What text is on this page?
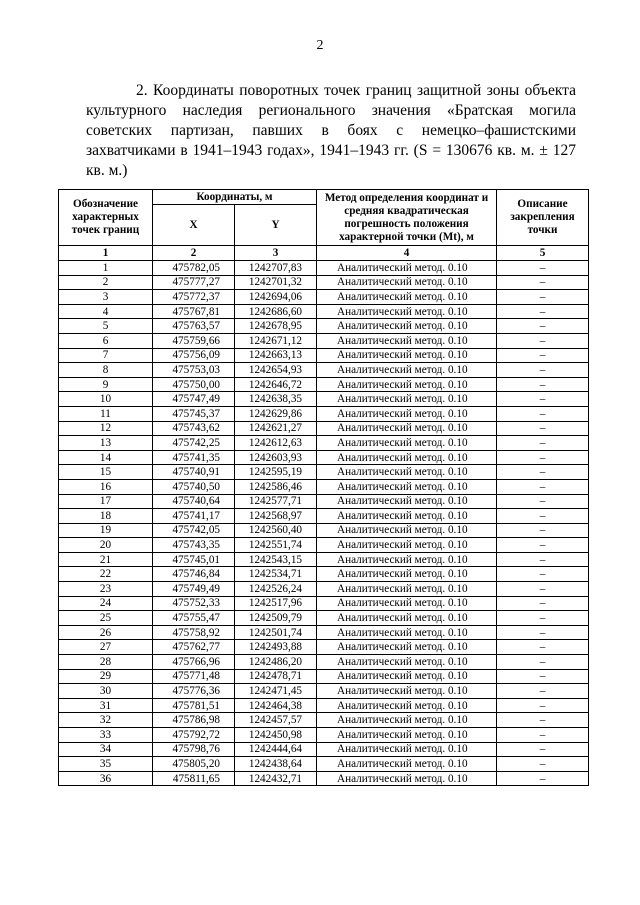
2
2. Координаты поворотных точек границ защитной зоны объекта культурного наследия регионального значения «Братская могила советских партизан, павших в боях с немецко–фашистскими захватчиками в 1941–1943 годах», 1941–1943 гг. (S = 130676 кв. м. ± 127 кв. м.)
Обозначение характерных точек границ	Координаты, м		Метод определения координат и средняя квадратическая погрешность положения характерной точки (Mt), м	Описание закрепления точки
	X	Y		
1	2	3	4	5
1	475782,05	1242707,83	Аналитический метод. 0.10	–
2	475777,27	1242701,32	Аналитический метод. 0.10	–
3	475772,37	1242694,06	Аналитический метод. 0.10	–
4	475767,81	1242686,60	Аналитический метод. 0.10	–
5	475763,57	1242678,95	Аналитический метод. 0.10	–
6	475759,66	1242671,12	Аналитический метод. 0.10	–
7	475756,09	1242663,13	Аналитический метод. 0.10	–
8	475753,03	1242654,93	Аналитический метод. 0.10	–
9	475750,00	1242646,72	Аналитический метод. 0.10	–
10	475747,49	1242638,35	Аналитический метод. 0.10	–
11	475745,37	1242629,86	Аналитический метод. 0.10	–
12	475743,62	1242621,27	Аналитический метод. 0.10	–
13	475742,25	1242612,63	Аналитический метод. 0.10	–
14	475741,35	1242603,93	Аналитический метод. 0.10	–
15	475740,91	1242595,19	Аналитический метод. 0.10	–
16	475740,50	1242586,46	Аналитический метод. 0.10	–
17	475740,64	1242577,71	Аналитический метод. 0.10	–
18	475741,17	1242568,97	Аналитический метод. 0.10	–
19	475742,05	1242560,40	Аналитический метод. 0.10	–
20	475743,35	1242551,74	Аналитический метод. 0.10	–
21	475745,01	1242543,15	Аналитический метод. 0.10	–
22	475746,84	1242534,71	Аналитический метод. 0.10	–
23	475749,49	1242526,24	Аналитический метод. 0.10	–
24	475752,33	1242517,96	Аналитический метод. 0.10	–
25	475755,47	1242509,79	Аналитический метод. 0.10	–
26	475758,92	1242501,74	Аналитический метод. 0.10	–
27	475762,77	1242493,88	Аналитический метод. 0.10	–
28	475766,96	1242486,20	Аналитический метод. 0.10	–
29	475771,48	1242478,71	Аналитический метод. 0.10	–
30	475776,36	1242471,45	Аналитический метод. 0.10	–
31	475781,51	1242464,38	Аналитический метод. 0.10	–
32	475786,98	1242457,57	Аналитический метод. 0.10	–
33	475792,72	1242450,98	Аналитический метод. 0.10	–
34	475798,76	1242444,64	Аналитический метод. 0.10	–
35	475805,20	1242438,64	Аналитический метод. 0.10	–
36	475811,65	1242432,71	Аналитический метод. 0.10	–
